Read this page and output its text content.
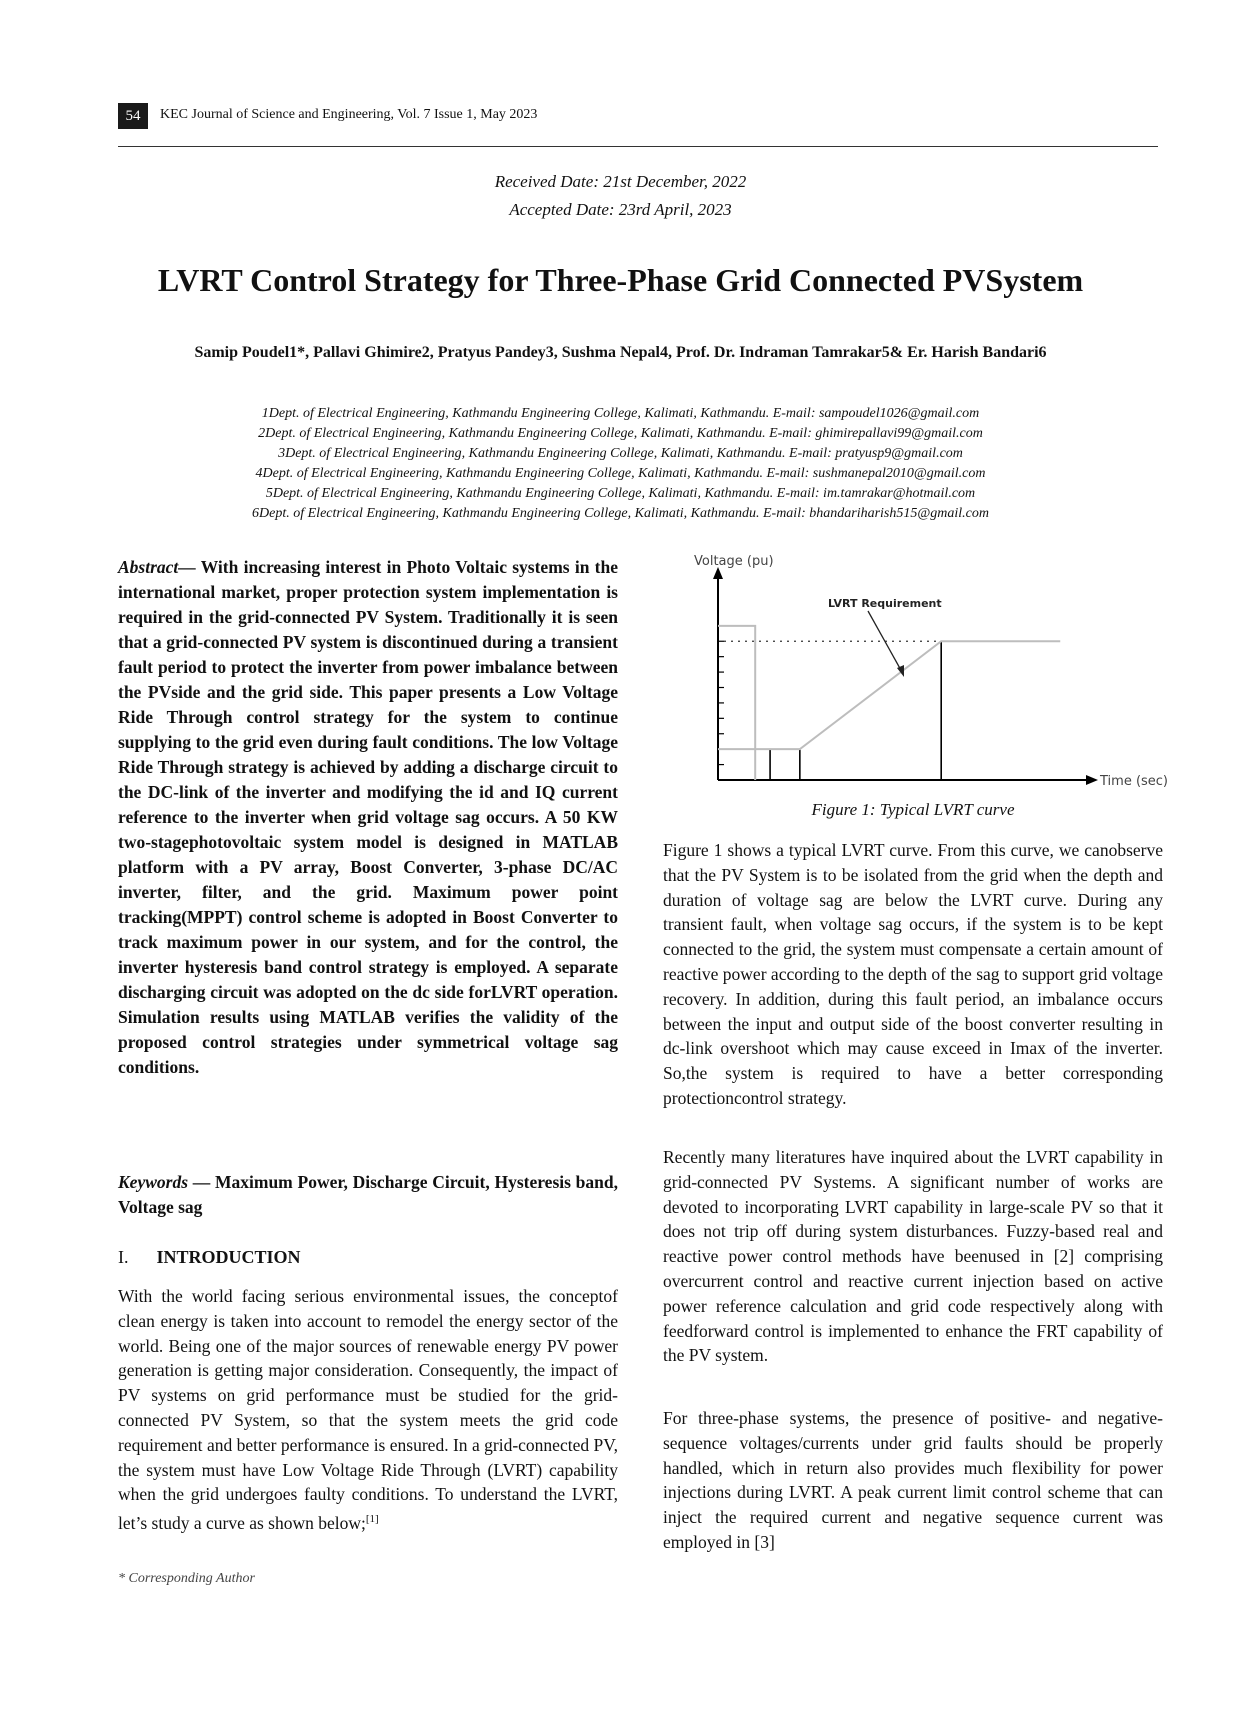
54	KEC Journal of Science and Engineering, Vol. 7 Issue 1, May 2023
Received Date: 21st December, 2022
Accepted Date: 23rd April, 2023
LVRT Control Strategy for Three-Phase Grid Connected PVSystem
Samip Poudel1*, Pallavi Ghimire2, Pratyus Pandey3, Sushma Nepal4, Prof. Dr. Indraman Tamrakar5& Er. Harish Bandari6
1Dept. of Electrical Engineering, Kathmandu Engineering College, Kalimati, Kathmandu. E-mail: sampoudel1026@gmail.com
2Dept. of Electrical Engineering, Kathmandu Engineering College, Kalimati, Kathmandu. E-mail: ghimirepallavi99@gmail.com
3Dept. of Electrical Engineering, Kathmandu Engineering College, Kalimati, Kathmandu. E-mail: pratyusp9@gmail.com
4Dept. of Electrical Engineering, Kathmandu Engineering College, Kalimati, Kathmandu. E-mail: sushmanepal2010@gmail.com
5Dept. of Electrical Engineering, Kathmandu Engineering College, Kalimati, Kathmandu. E-mail: im.tamrakar@hotmail.com
6Dept. of Electrical Engineering, Kathmandu Engineering College, Kalimati, Kathmandu. E-mail: bhandariharish515@gmail.com

Abstract— With increasing interest in Photo Voltaic systems in the international market, proper protection system implementation is required in the grid-connected PV System. Traditionally it is seen that a grid-connected PV system is discontinued during a transient fault period to protect the inverter from power imbalance between the PVside and the grid side. This paper presents a Low Voltage Ride Through control strategy for the system to continue supplying to the grid even during fault conditions. The low Voltage Ride Through strategy is achieved by adding a discharge circuit to the DC-link of the inverter and modifying the id and IQ current reference to the inverter when grid voltage sag occurs. A 50 KW two-stagephotovoltaic system model is designed in MATLAB platform with a PV array, Boost Converter, 3-phase DC/AC inverter, filter, and the grid. Maximum power point tracking(MPPT) control scheme is adopted in Boost Converter to track maximum power in our system, and for the control, the inverter hysteresis band control strategy is employed. A separate discharging circuit was adopted on the dc side forLVRT operation. Simulation results using MATLAB verifies the validity of the proposed control strategies under symmetrical voltage sag conditions.

Keywords — Maximum Power, Discharge Circuit, Hysteresis band, Voltage sag

I. INTRODUCTION

With the world facing serious environmental issues, the conceptof clean energy is taken into account to remodel the energy sector of the world. Being one of the major sources of renewable energy PV power generation is getting major consideration. Consequently, the impact of PV systems on grid performance must be studied for the grid-connected PV System, so that the system meets the grid code requirement and better performance is ensured. In a grid-connected PV, the system must have Low Voltage Ride Through (LVRT) capability when the grid undergoes faulty conditions. To understand the LVRT, let’s study a curve as shown below;[1]

* Corresponding Author
Voltage (pu)
Time (sec)
LVRT Requirement
Figure 1: Typical LVRT curve

Figure 1 shows a typical LVRT curve. From this curve, we canobserve that the PV System is to be isolated from the grid when the depth and duration of voltage sag are below the LVRT curve. During any transient fault, when voltage sag occurs, if the system is to be kept connected to the grid, the system must compensate a certain amount of reactive power according to the depth of the sag to support grid voltage recovery. In addition, during this fault period, an imbalance occurs between the input and output side of the boost converter resulting in dc-link overshoot which may cause exceed in Imax of the inverter. So,the system is required to have a better corresponding protectioncontrol strategy.

Recently many literatures have inquired about the LVRT capability in grid-connected PV Systems. A significant number of works are devoted to incorporating LVRT capability in large-scale PV so that it does not trip off during system disturbances. Fuzzy-based real and reactive power control methods have beenused in [2] comprising overcurrent control and reactive current injection based on active power reference calculation and grid code respectively along with feedforward control is implemented to enhance the FRT capability of the PV system.

For three-phase systems, the presence of positive- and negative- sequence voltages/currents under grid faults should be properly handled, which in return also provides much flexibility for power injections during LVRT. A peak current limit control scheme that can inject the required current and negative sequence current was employed in [3]
